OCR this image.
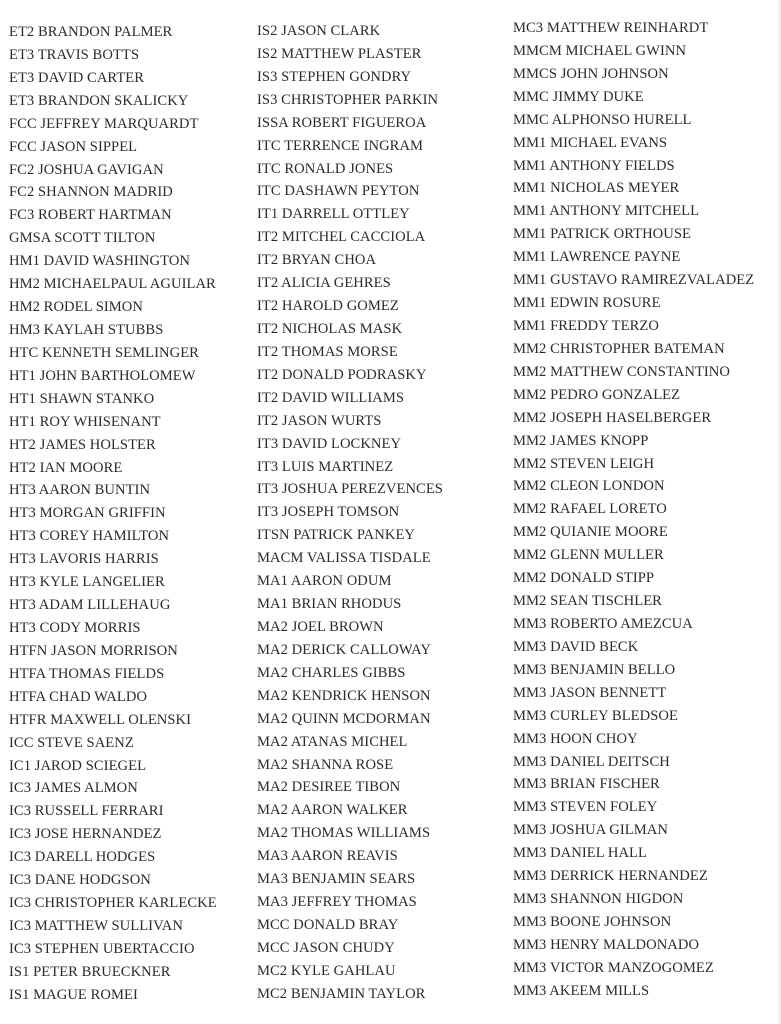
ET2 BRANDON PALMER
ET3 TRAVIS BOTTS
ET3 DAVID CARTER
ET3 BRANDON SKALICKY
FCC JEFFREY MARQUARDT
FCC JASON SIPPEL
FC2 JOSHUA GAVIGAN
FC2 SHANNON MADRID
FC3 ROBERT HARTMAN
GMSA SCOTT TILTON
HM1 DAVID WASHINGTON
HM2 MICHAELPAUL AGUILAR
HM2 RODEL SIMON
HM3 KAYLAH STUBBS
HTC KENNETH SEMLINGER
HT1 JOHN BARTHOLOMEW
HT1 SHAWN STANKO
HT1 ROY WHISENANT
HT2 JAMES HOLSTER
HT2 IAN MOORE
HT3 AARON BUNTIN
HT3 MORGAN GRIFFIN
HT3 COREY HAMILTON
HT3 LAVORIS HARRIS
HT3 KYLE LANGELIER
HT3 ADAM LILLEHAUG
HT3 CODY MORRIS
HTFN JASON MORRISON
HTFA THOMAS FIELDS
HTFA CHAD WALDO
HTFR MAXWELL OLENSKI
ICC STEVE SAENZ
IC1 JAROD SCIEGEL
IC3 JAMES ALMON
IC3 RUSSELL FERRARI
IC3 JOSE HERNANDEZ
IC3 DARELL HODGES
IC3 DANE HODGSON
IC3 CHRISTOPHER KARLECKE
IC3 MATTHEW SULLIVAN
IC3 STEPHEN UBERTACCIO
IS1 PETER BRUECKNER
IS1 MAGUE ROMEI
IS2 JASON CLARK
IS2 MATTHEW PLASTER
IS3 STEPHEN GONDRY
IS3 CHRISTOPHER PARKIN
ISSA ROBERT FIGUEROA
ITC TERRENCE INGRAM
ITC RONALD JONES
ITC DASHAWN PEYTON
IT1 DARRELL OTTLEY
IT2 MITCHEL CACCIOLA
IT2 BRYAN CHOA
IT2 ALICIA GEHRES
IT2 HAROLD GOMEZ
IT2 NICHOLAS MASK
IT2 THOMAS MORSE
IT2 DONALD PODRASKY
IT2 DAVID WILLIAMS
IT2 JASON WURTS
IT3 DAVID LOCKNEY
IT3 LUIS MARTINEZ
IT3 JOSHUA PEREZVENCES
IT3 JOSEPH TOMSON
ITSN PATRICK PANKEY
MACM VALISSA TISDALE
MA1 AARON ODUM
MA1 BRIAN RHODUS
MA2 JOEL BROWN
MA2 DERICK CALLOWAY
MA2 CHARLES GIBBS
MA2 KENDRICK HENSON
MA2 QUINN MCDORMAN
MA2 ATANAS MICHEL
MA2 SHANNA ROSE
MA2 DESIREE TIBON
MA2 AARON WALKER
MA2 THOMAS WILLIAMS
MA3 AARON REAVIS
MA3 BENJAMIN SEARS
MA3 JEFFREY THOMAS
MCC DONALD BRAY
MCC JASON CHUDY
MC2 KYLE GAHLAU
MC2 BENJAMIN TAYLOR
MC3 MATTHEW REINHARDT
MMCM MICHAEL GWINN
MMCS JOHN JOHNSON
MMC JIMMY DUKE
MMC ALPHONSO HURELL
MM1 MICHAEL EVANS
MM1 ANTHONY FIELDS
MM1 NICHOLAS MEYER
MM1 ANTHONY MITCHELL
MM1 PATRICK ORTHOUSE
MM1 LAWRENCE PAYNE
MM1 GUSTAVO RAMIREZVALADEZ
MM1 EDWIN ROSURE
MM1 FREDDY TERZO
MM2 CHRISTOPHER BATEMAN
MM2 MATTHEW CONSTANTINO
MM2 PEDRO GONZALEZ
MM2 JOSEPH HASELBERGER
MM2 JAMES KNOPP
MM2 STEVEN LEIGH
MM2 CLEON LONDON
MM2 RAFAEL LORETO
MM2 QUIANIE MOORE
MM2 GLENN MULLER
MM2 DONALD STIPP
MM2 SEAN TISCHLER
MM3 ROBERTO AMEZCUA
MM3 DAVID BECK
MM3 BENJAMIN BELLO
MM3 JASON BENNETT
MM3 CURLEY BLEDSOE
MM3 HOON CHOY
MM3 DANIEL DEITSCH
MM3 BRIAN FISCHER
MM3 STEVEN FOLEY
MM3 JOSHUA GILMAN
MM3 DANIEL HALL
MM3 DERRICK HERNANDEZ
MM3 SHANNON HIGDON
MM3 BOONE JOHNSON
MM3 HENRY MALDONADO
MM3 VICTOR MANZOGOMEZ
MM3 AKEEM MILLS
